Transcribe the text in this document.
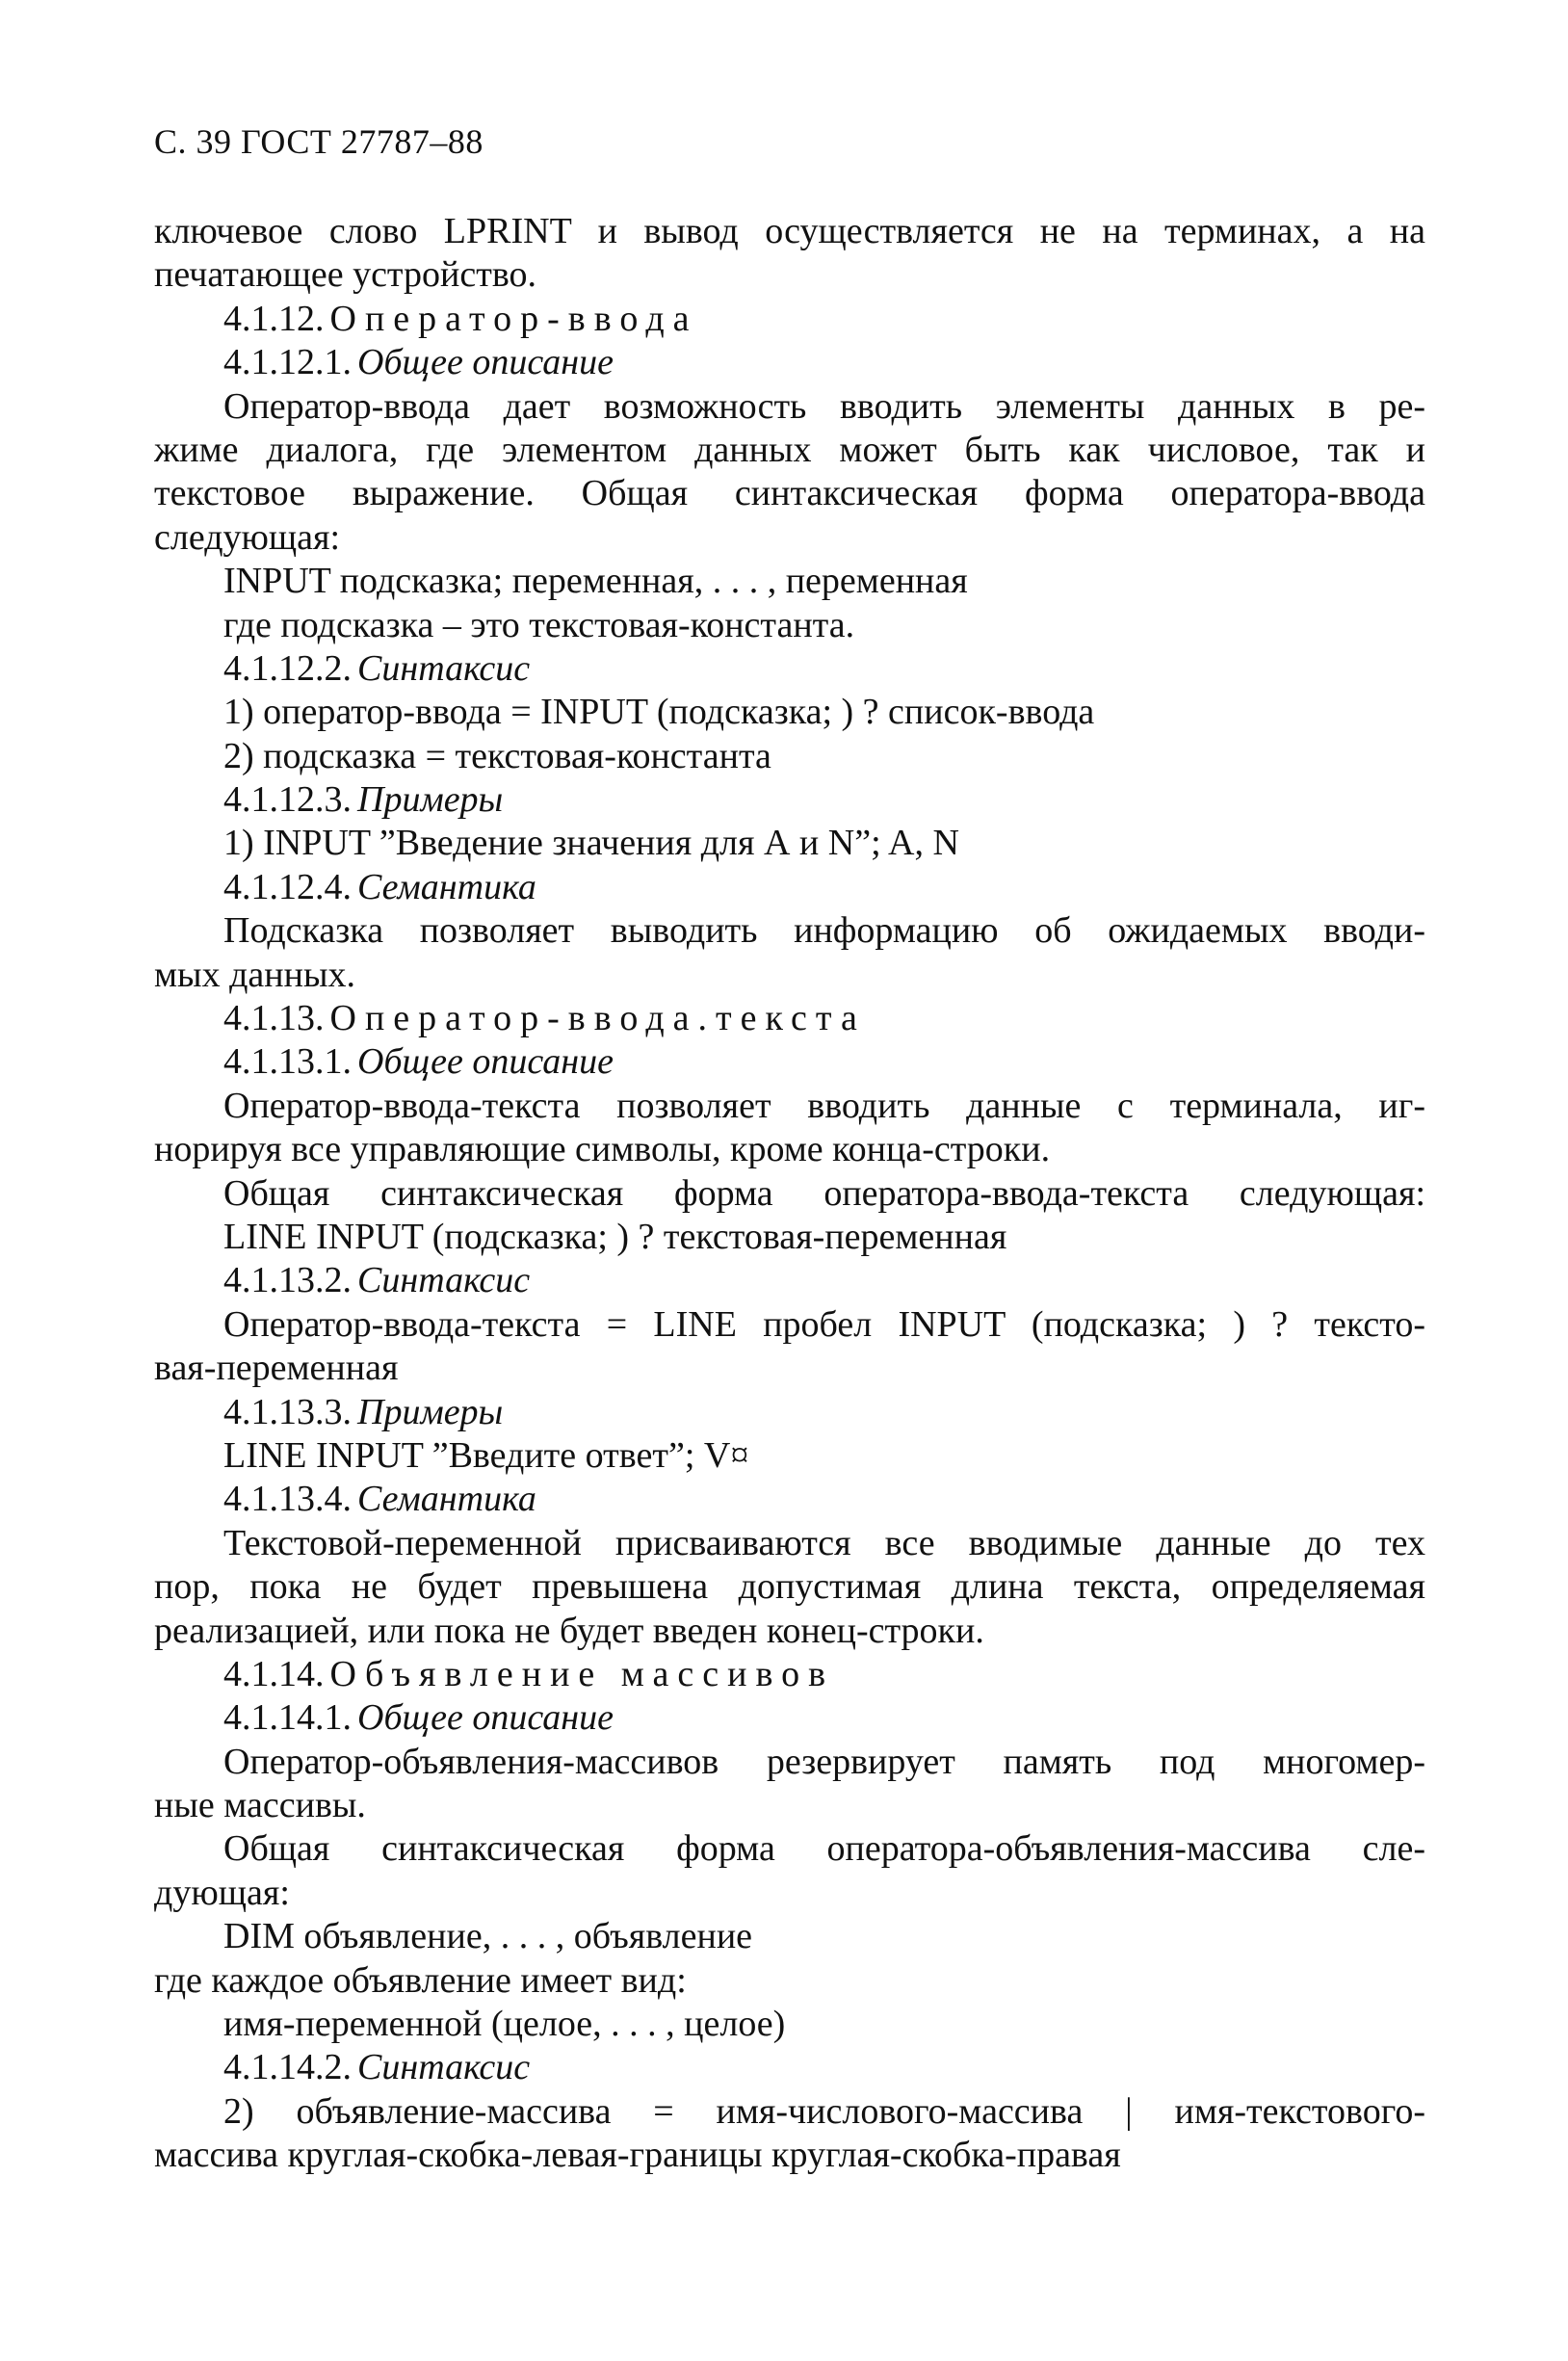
С. 39 ГОСТ 27787–88
ключевое слово LPRINT и вывод осуществляется не на терминах, а на
печатающее устройство.
4.1.12. Оператор-ввода
4.1.12.1. Общее описание
Оператор-ввода дает возможность вводить элементы данных в ре-
жиме диалога, где элементом данных может быть как числовое, так и
текстовое выражение. Общая синтаксическая форма оператора-ввода
следующая:
INPUT подсказка; переменная, . . . , переменная
где подсказка – это текстовая-константа.
4.1.12.2. Синтаксис
1) оператор-ввода = INPUT (подсказка; ) ? список-ввода
2) подсказка = текстовая-константа
4.1.12.3. Примеры
1) INPUT ”Введение значения для А и N”; A, N
4.1.12.4. Семантика
Подсказка позволяет выводить информацию об ожидаемых вводи-
мых данных.
4.1.13. Оператор-ввода.текста
4.1.13.1. Общее описание
Оператор-ввода-текста позволяет вводить данные с терминала, иг-
норируя все управляющие символы, кроме конца-строки.
Общая синтаксическая форма оператора-ввода-текста следующая:
LINE INPUT (подсказка; ) ? текстовая-переменная
4.1.13.2. Синтаксис
Оператор-ввода-текста = LINE пробел INPUT (подсказка; ) ? тексто-
вая-переменная
4.1.13.3. Примеры
LINE INPUT ”Введите ответ”; V¤
4.1.13.4. Семантика
Текстовой-переменной присваиваются все вводимые данные до тех
пор, пока не будет превышена допустимая длина текста, определяемая
реализацией, или пока не будет введен конец-строки.
4.1.14. Объявление массивов
4.1.14.1. Общее описание
Оператор-объявления-массивов резервирует память под многомер-
ные массивы.
Общая синтаксическая форма оператора-объявления-массива сле-
дующая:
DIM объявление, . . . , объявление
где каждое объявление имеет вид:
имя-переменной (целое, . . . , целое)
4.1.14.2. Синтаксис
2) объявление-массива = имя-числового-массива | имя-текстового-
массива круглая-скобка-левая-границы круглая-скобка-правая
